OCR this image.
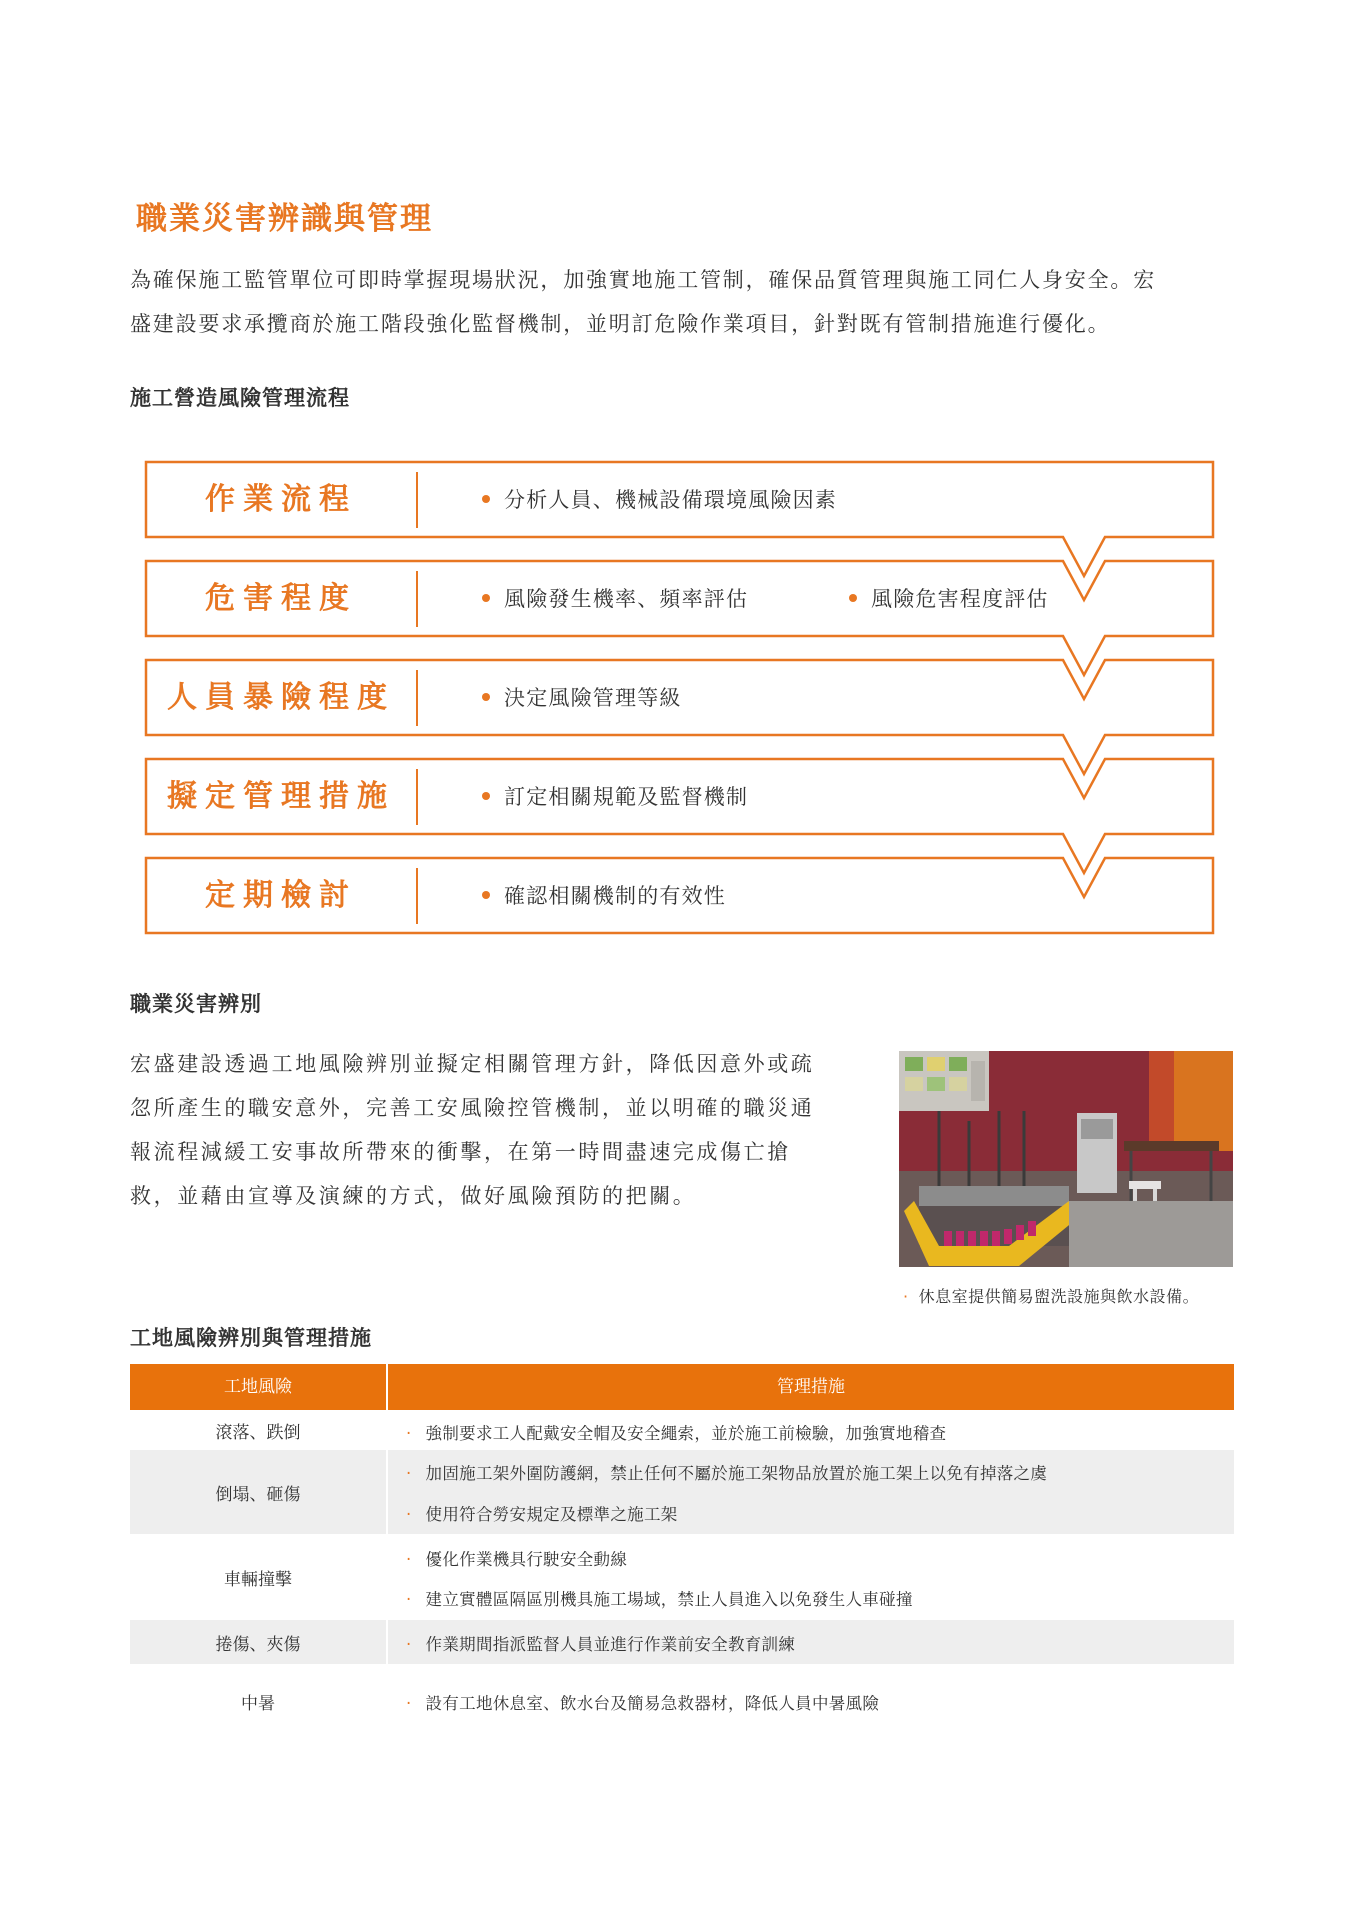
職業災害辨識與管理

為確保施工監管單位可即時掌握現場狀況，加強實地施工管制，確保品質管理與施工同仁人身安全。宏
盛建設要求承攬商於施工階段強化監督機制，並明訂危險作業項目，針對既有管制措施進行優化。

施工營造風險管理流程
作業流程	分析人員、機械設備環境風險因素
危害程度	風險發生機率、頻率評估	風險危害程度評估
人員暴險程度	決定風險管理等級
擬定管理措施	訂定相關規範及監督機制
定期檢討	確認相關機制的有效性
職業災害辨別

宏盛建設透過工地風險辨別並擬定相關管理方針，降低因意外或疏
忽所產生的職安意外，完善工安風險控管機制，並以明確的職災通
報流程減緩工安事故所帶來的衝擊，在第一時間盡速完成傷亡搶
救，並藉由宣導及演練的方式，做好風險預防的把關。

· 休息室提供簡易盥洗設施與飲水設備。
工地風險辨別與管理措施
工地風險	管理措施
滾落、跌倒	· 強制要求工人配戴安全帽及安全繩索，並於施工前檢驗，加強實地稽查
倒塌、砸傷
· 加固施工架外圍防護網，禁止任何不屬於施工架物品放置於施工架上以免有掉落之虞
· 使用符合勞安規定及標準之施工架
車輛撞擊
· 優化作業機具行駛安全動線
· 建立實體區隔區別機具施工場域，禁止人員進入以免發生人車碰撞
捲傷、夾傷	· 作業期間指派監督人員並進行作業前安全教育訓練
中暑	· 設有工地休息室、飲水台及簡易急救器材，降低人員中暑風險
